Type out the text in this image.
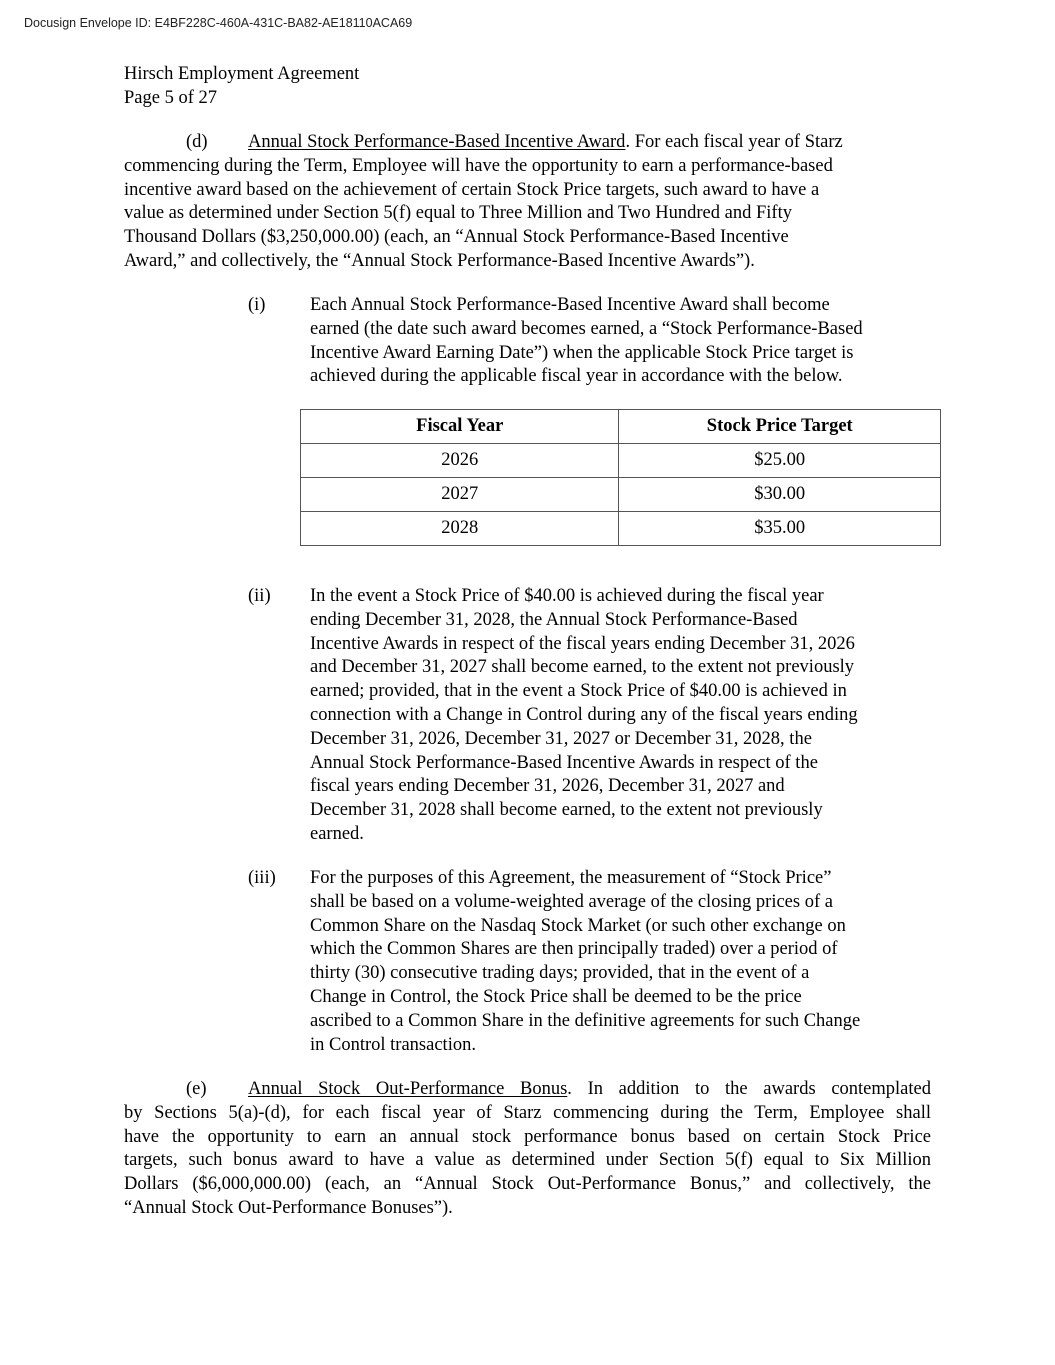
Docusign Envelope ID: E4BF228C-460A-431C-BA82-AE18110ACA69
Hirsch Employment Agreement
Page 5 of 27
(d) Annual Stock Performance-Based Incentive Award. For each fiscal year of Starz
commencing during the Term, Employee will have the opportunity to earn a performance-based
incentive award based on the achievement of certain Stock Price targets, such award to have a
value as determined under Section 5(f) equal to Three Million and Two Hundred and Fifty
Thousand Dollars ($3,250,000.00) (each, an “Annual Stock Performance-Based Incentive
Award,” and collectively, the “Annual Stock Performance-Based Incentive Awards”).
(i) Each Annual Stock Performance-Based Incentive Award shall become
earned (the date such award becomes earned, a “Stock Performance-Based
Incentive Award Earning Date”) when the applicable Stock Price target is
achieved during the applicable fiscal year in accordance with the below.
Fiscal Year	Stock Price Target
2026	$25.00
2027	$30.00
2028	$35.00
(ii) In the event a Stock Price of $40.00 is achieved during the fiscal year
ending December 31, 2028, the Annual Stock Performance-Based
Incentive Awards in respect of the fiscal years ending December 31, 2026
and December 31, 2027 shall become earned, to the extent not previously
earned; provided, that in the event a Stock Price of $40.00 is achieved in
connection with a Change in Control during any of the fiscal years ending
December 31, 2026, December 31, 2027 or December 31, 2028, the
Annual Stock Performance-Based Incentive Awards in respect of the
fiscal years ending December 31, 2026, December 31, 2027 and
December 31, 2028 shall become earned, to the extent not previously
earned.
(iii) For the purposes of this Agreement, the measurement of “Stock Price”
shall be based on a volume-weighted average of the closing prices of a
Common Share on the Nasdaq Stock Market (or such other exchange on
which the Common Shares are then principally traded) over a period of
thirty (30) consecutive trading days; provided, that in the event of a
Change in Control, the Stock Price shall be deemed to be the price
ascribed to a Common Share in the definitive agreements for such Change
in Control transaction.
(e) Annual Stock Out-Performance Bonus. In addition to the awards contemplated
by Sections 5(a)-(d), for each fiscal year of Starz commencing during the Term, Employee shall
have the opportunity to earn an annual stock performance bonus based on certain Stock Price
targets, such bonus award to have a value as determined under Section 5(f) equal to Six Million
Dollars ($6,000,000.00) (each, an “Annual Stock Out-Performance Bonus,” and collectively, the
“Annual Stock Out-Performance Bonuses”).
